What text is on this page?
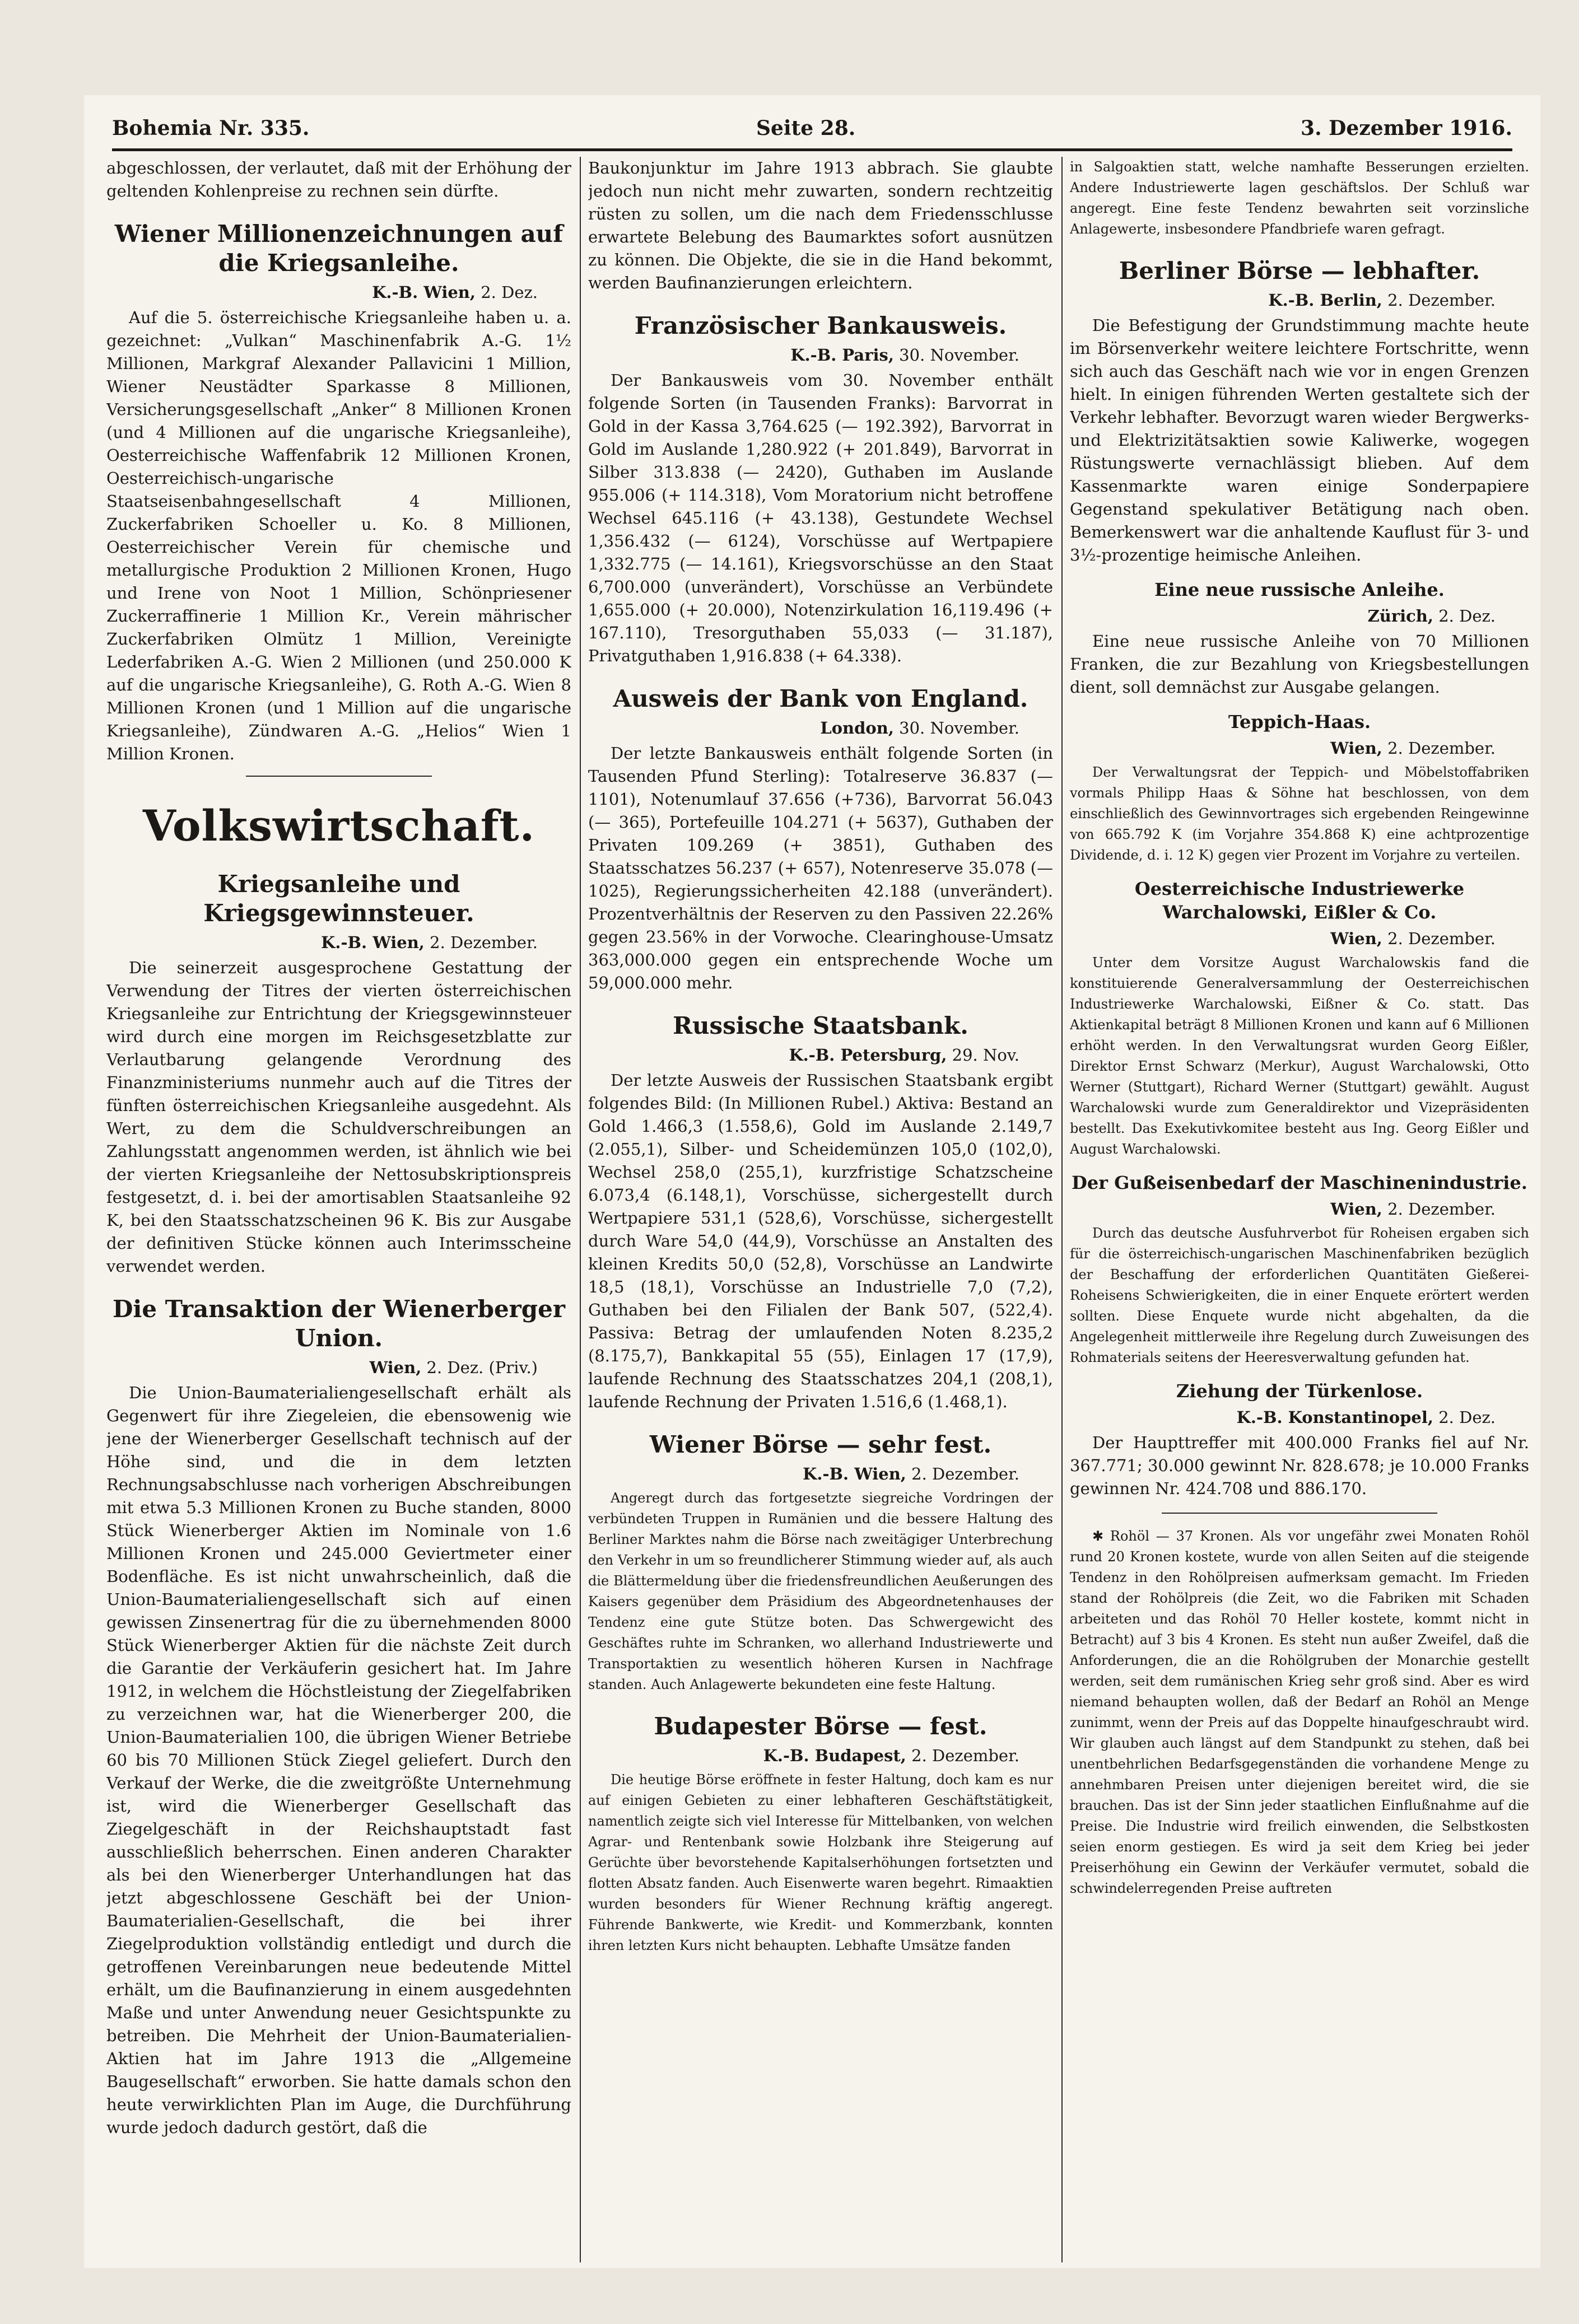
Bohemia Nr. 335.	Seite 28.	3. Dezember 1916.

abgeschlossen, der verlautet, daß mit der Erhöhung der geltenden Kohlenpreise zu rechnen sein dürfte.

Wiener Millionenzeichnungen auf die Kriegsanleihe.
K.-B. Wien, 2. Dez.

Auf die 5. österreichische Kriegsanleihe haben u. a. gezeichnet: „Vulkan“ Maschinenfabrik A.-G. 1½ Millionen, Markgraf Alexander Pallavicini 1 Million, Wiener Neustädter Sparkasse 8 Millionen, Versicherungsgesellschaft „Anker“ 8 Millionen Kronen (und 4 Millionen auf die ungarische Kriegsanleihe), Oesterreichische Waffenfabrik 12 Millionen Kronen, Oesterreichisch-ungarische Staatseisenbahngesellschaft 4 Millionen, Zuckerfabriken Schoeller u. Ko. 8 Millionen, Oesterreichischer Verein für chemische und metallurgische Produktion 2 Millionen Kronen, Hugo und Irene von Noot 1 Million, Schönpriesener Zuckerraffinerie 1 Million Kr., Verein mährischer Zuckerfabriken Olmütz 1 Million, Vereinigte Lederfabriken A.-G. Wien 2 Millionen (und 250.000 K auf die ungarische Kriegsanleihe), G. Roth A.-G. Wien 8 Millionen Kronen (und 1 Million auf die ungarische Kriegsanleihe), Zündwaren A.-G. „Helios“ Wien 1 Million Kronen.

Volkswirtschaft.
Kriegsanleihe und Kriegsgewinnsteuer.
K.-B. Wien, 2. Dezember.

Die seinerzeit ausgesprochene Gestattung der Verwendung der Titres der vierten österreichischen Kriegsanleihe zur Entrichtung der Kriegsgewinnsteuer wird durch eine morgen im Reichsgesetzblatte zur Verlautbarung gelangende Verordnung des Finanzministeriums nunmehr auch auf die Titres der fünften österreichischen Kriegsanleihe ausgedehnt. Als Wert, zu dem die Schuldverschreibungen an Zahlungsstatt angenommen werden, ist ähnlich wie bei der vierten Kriegsanleihe der Nettosubskriptionspreis festgesetzt, d. i. bei der amortisablen Staatsanleihe 92 K, bei den Staatsschatzscheinen 96 K. Bis zur Ausgabe der definitiven Stücke können auch Interimsscheine verwendet werden.

Die Transaktion der Wienerberger Union.
Wien, 2. Dez. (Priv.)

Die Union-Baumaterialiengesellschaft erhält als Gegenwert für ihre Ziegeleien, die ebensowenig wie jene der Wienerberger Gesellschaft technisch auf der Höhe sind, und die in dem letzten Rechnungsabschlusse nach vorherigen Abschreibungen mit etwa 5.3 Millionen Kronen zu Buche standen, 8000 Stück Wienerberger Aktien im Nominale von 1.6 Millionen Kronen und 245.000 Geviertmeter einer Bodenfläche. Es ist nicht unwahrscheinlich, daß die Union-Baumaterialiengesellschaft sich auf einen gewissen Zinsenertrag für die zu übernehmenden 8000 Stück Wienerberger Aktien für die nächste Zeit durch die Garantie der Verkäuferin gesichert hat. Im Jahre 1912, in welchem die Höchstleistung der Ziegelfabriken zu verzeichnen war, hat die Wienerberger 200, die Union-Baumaterialien 100, die übrigen Wiener Betriebe 60 bis 70 Millionen Stück Ziegel geliefert. Durch den Verkauf der Werke, die die zweitgrößte Unternehmung ist, wird die Wienerberger Gesellschaft das Ziegelgeschäft in der Reichshauptstadt fast ausschließlich beherrschen. Einen anderen Charakter als bei den Wienerberger Unterhandlungen hat das jetzt abgeschlossene Geschäft bei der Union-Baumaterialien-Gesellschaft, die bei ihrer Ziegelproduktion vollständig entledigt und durch die getroffenen Vereinbarungen neue bedeutende Mittel erhält, um die Baufinanzierung in einem ausgedehnten Maße und unter Anwendung neuer Gesichtspunkte zu betreiben. Die Mehrheit der Union-Baumaterialien-Aktien hat im Jahre 1913 die „Allgemeine Baugesellschaft“ erworben. Sie hatte damals schon den heute verwirklichten Plan im Auge, die Durchführung wurde jedoch dadurch gestört, daß die

Baukonjunktur im Jahre 1913 abbrach. Sie glaubte jedoch nun nicht mehr zuwarten, sondern rechtzeitig rüsten zu sollen, um die nach dem Friedensschlusse erwartete Belebung des Baumarktes sofort ausnützen zu können. Die Objekte, die sie in die Hand bekommt, werden Baufinanzierungen erleichtern.

Französischer Bankausweis.
K.-B. Paris, 30. November.

Der Bankausweis vom 30. November enthält folgende Sorten (in Tausenden Franks): Barvorrat in Gold in der Kassa 3,764.625 (— 192.392), Barvorrat in Gold im Auslande 1,280.922 (+ 201.849), Barvorrat in Silber 313.838 (— 2420), Guthaben im Auslande 955.006 (+ 114.318), Vom Moratorium nicht betroffene Wechsel 645.116 (+ 43.138), Gestundete Wechsel 1,356.432 (— 6124), Vorschüsse auf Wertpapiere 1,332.775 (— 14.161), Kriegsvorschüsse an den Staat 6,700.000 (unverändert), Vorschüsse an Verbündete 1,655.000 (+ 20.000), Notenzirkulation 16,119.496 (+ 167.110), Tresorguthaben 55,033 (— 31.187), Privatguthaben 1,916.838 (+ 64.338).

Ausweis der Bank von England.
London, 30. November.

Der letzte Bankausweis enthält folgende Sorten (in Tausenden Pfund Sterling): Totalreserve 36.837 (— 1101), Notenumlauf 37.656 (+736), Barvorrat 56.043 (— 365), Portefeuille 104.271 (+ 5637), Guthaben der Privaten 109.269 (+ 3851), Guthaben des Staatsschatzes 56.237 (+ 657), Notenreserve 35.078 (— 1025), Regierungssicherheiten 42.188 (unverändert). Prozentverhältnis der Reserven zu den Passiven 22.26% gegen 23.56% in der Vorwoche. Clearinghouse-Umsatz 363,000.000 gegen ein entsprechende Woche um 59,000.000 mehr.

Russische Staatsbank.
K.-B. Petersburg, 29. Nov.

Der letzte Ausweis der Russischen Staatsbank ergibt folgendes Bild: (In Millionen Rubel.) Aktiva: Bestand an Gold 1.466,3 (1.558,6), Gold im Auslande 2.149,7 (2.055,1), Silber- und Scheidemünzen 105,0 (102,0), Wechsel 258,0 (255,1), kurzfristige Schatzscheine 6.073,4 (6.148,1), Vorschüsse, sichergestellt durch Wertpapiere 531,1 (528,6), Vorschüsse, sichergestellt durch Ware 54,0 (44,9), Vorschüsse an Anstalten des kleinen Kredits 50,0 (52,8), Vorschüsse an Landwirte 18,5 (18,1), Vorschüsse an Industrielle 7,0 (7,2), Guthaben bei den Filialen der Bank 507, (522,4). Passiva: Betrag der umlaufenden Noten 8.235,2 (8.175,7), Bankkapital 55 (55), Einlagen 17 (17,9), laufende Rechnung des Staatsschatzes 204,1 (208,1), laufende Rechnung der Privaten 1.516,6 (1.468,1).

Wiener Börse — sehr fest.
K.-B. Wien, 2. Dezember.

Angeregt durch das fortgesetzte siegreiche Vordringen der verbündeten Truppen in Rumänien und die bessere Haltung des Berliner Marktes nahm die Börse nach zweitägiger Unterbrechung den Verkehr in um so freundlicherer Stimmung wieder auf, als auch die Blättermeldung über die friedensfreundlichen Aeußerungen des Kaisers gegenüber dem Präsidium des Abgeordnetenhauses der Tendenz eine gute Stütze boten. Das Schwergewicht des Geschäftes ruhte im Schranken, wo allerhand Industriewerte und Transportaktien zu wesentlich höheren Kursen in Nachfrage standen. Auch Anlagewerte bekundeten eine feste Haltung.

Budapester Börse — fest.
K.-B. Budapest, 2. Dezember.

Die heutige Börse eröffnete in fester Haltung, doch kam es nur auf einigen Gebieten zu einer lebhafteren Geschäftstätigkeit, namentlich zeigte sich viel Interesse für Mittelbanken, von welchen Agrar- und Rentenbank sowie Holzbank ihre Steigerung auf Gerüchte über bevorstehende Kapitalserhöhungen fortsetzten und flotten Absatz fanden. Auch Eisenwerte waren begehrt. Rimaaktien wurden besonders für Wiener Rechnung kräftig angeregt. Führende Bankwerte, wie Kredit- und Kommerzbank, konnten ihren letzten Kurs nicht behaupten. Lebhafte Umsätze fanden

in Salgoaktien statt, welche namhafte Besserungen erzielten. Andere Industriewerte lagen geschäftslos. Der Schluß war angeregt. Eine feste Tendenz bewahrten seit vorzinsliche Anlagewerte, insbesondere Pfandbriefe waren gefragt.

Berliner Börse — lebhafter.
K.-B. Berlin, 2. Dezember.

Die Befestigung der Grundstimmung machte heute im Börsenverkehr weitere leichtere Fortschritte, wenn sich auch das Geschäft nach wie vor in engen Grenzen hielt. In einigen führenden Werten gestaltete sich der Verkehr lebhafter. Bevorzugt waren wieder Bergwerks- und Elektrizitätsaktien sowie Kaliwerke, wogegen Rüstungswerte vernachlässigt blieben. Auf dem Kassenmarkte waren einige Sonderpapiere Gegenstand spekulativer Betätigung nach oben. Bemerkenswert war die anhaltende Kauflust für 3- und 3½-prozentige heimische Anleihen.

Eine neue russische Anleihe.
Zürich, 2. Dez.

Eine neue russische Anleihe von 70 Millionen Franken, die zur Bezahlung von Kriegsbestellungen dient, soll demnächst zur Ausgabe gelangen.

Teppich-Haas.
Wien, 2. Dezember.

Der Verwaltungsrat der Teppich- und Möbelstoffabriken vormals Philipp Haas & Söhne hat beschlossen, von dem einschließlich des Gewinnvortrages sich ergebenden Reingewinne von 665.792 K (im Vorjahre 354.868 K) eine achtprozentige Dividende, d. i. 12 K) gegen vier Prozent im Vorjahre zu verteilen.

Oesterreichische Industriewerke Warchalowski, Eißler & Co.
Wien, 2. Dezember.

Unter dem Vorsitze August Warchalowskis fand die konstituierende Generalversammlung der Oesterreichischen Industriewerke Warchalowski, Eißner & Co. statt. Das Aktienkapital beträgt 8 Millionen Kronen und kann auf 6 Millionen erhöht werden. In den Verwaltungsrat wurden Georg Eißler, Direktor Ernst Schwarz (Merkur), August Warchalowski, Otto Werner (Stuttgart), Richard Werner (Stuttgart) gewählt. August Warchalowski wurde zum Generaldirektor und Vizepräsidenten bestellt. Das Exekutivkomitee besteht aus Ing. Georg Eißler und August Warchalowski.

Der Gußeisenbedarf der Maschinenindustrie.
Wien, 2. Dezember.

Durch das deutsche Ausfuhrverbot für Roheisen ergaben sich für die österreichisch-ungarischen Maschinenfabriken bezüglich der Beschaffung der erforderlichen Quantitäten Gießerei-Roheisens Schwierigkeiten, die in einer Enquete erörtert werden sollten. Diese Enquete wurde nicht abgehalten, da die Angelegenheit mittlerweile ihre Regelung durch Zuweisungen des Rohmaterials seitens der Heeresverwaltung gefunden hat.

Ziehung der Türkenlose.
K.-B. Konstantinopel, 2. Dez.

Der Haupttreffer mit 400.000 Franks fiel auf Nr. 367.771; 30.000 gewinnt Nr. 828.678; je 10.000 Franks gewinnen Nr. 424.708 und 886.170.

✱ Rohöl — 37 Kronen. Als vor ungefähr zwei Monaten Rohöl rund 20 Kronen kostete, wurde von allen Seiten auf die steigende Tendenz in den Rohölpreisen aufmerksam gemacht. Im Frieden stand der Rohölpreis (die Zeit, wo die Fabriken mit Schaden arbeiteten und das Rohöl 70 Heller kostete, kommt nicht in Betracht) auf 3 bis 4 Kronen. Es steht nun außer Zweifel, daß die Anforderungen, die an die Rohölgruben der Monarchie gestellt werden, seit dem rumänischen Krieg sehr groß sind. Aber es wird niemand behaupten wollen, daß der Bedarf an Rohöl an Menge zunimmt, wenn der Preis auf das Doppelte hinaufgeschraubt wird. Wir glauben auch längst auf dem Standpunkt zu stehen, daß bei unentbehrlichen Bedarfsgegenständen die vorhandene Menge zu annehmbaren Preisen unter diejenigen bereitet wird, die sie brauchen. Das ist der Sinn jeder staatlichen Einflußnahme auf die Preise. Die Industrie wird freilich einwenden, die Selbstkosten seien enorm gestiegen. Es wird ja seit dem Krieg bei jeder Preiserhöhung ein Gewinn der Verkäufer vermutet, sobald die schwindelerregenden Preise auftreten
